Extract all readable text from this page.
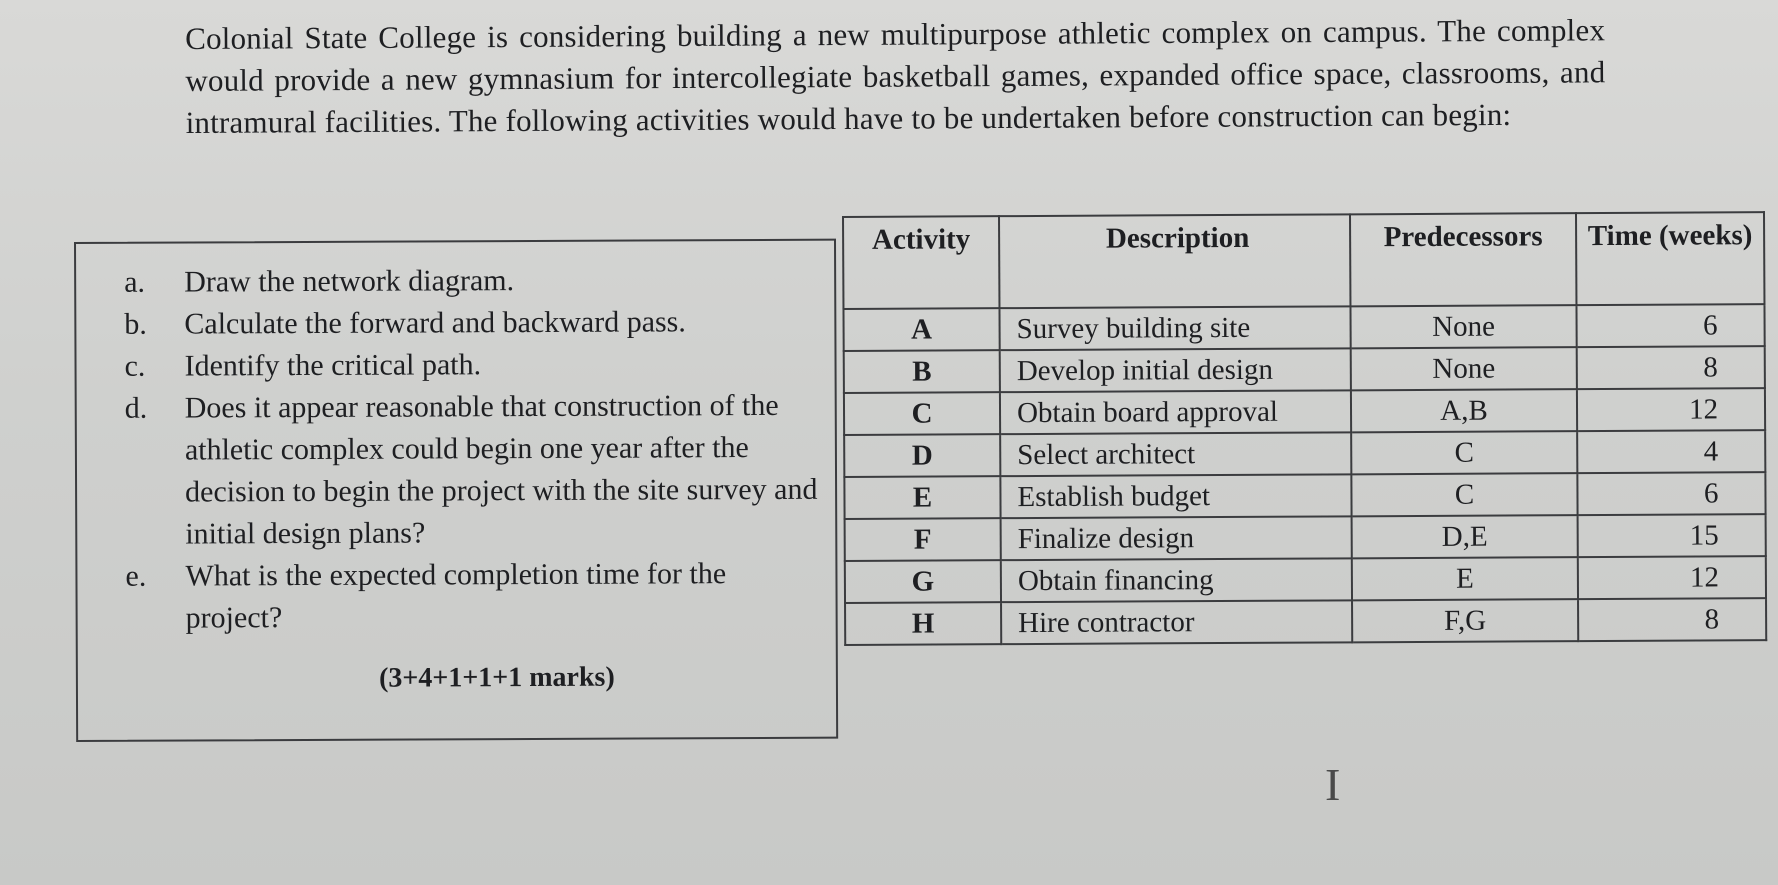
Colonial State College is considering building a new multipurpose athletic complex on campus. The complex would provide a new gymnasium for intercollegiate basketball games, expanded office space, classrooms, and intramural facilities. The following activities would have to be undertaken before construction can begin:
a.	Draw the network diagram.
b.	Calculate the forward and backward pass.
c.	Identify the critical path.
d.	Does it appear reasonable that construction of the athletic complex could begin one year after the decision to begin the project with the site survey and initial design plans?
e.	What is the expected completion time for the project?
(3+4+1+1+1 marks)
Activity	Description	Predecessors	Time (weeks)
A	Survey building site	None	6
B	Develop initial design	None	8
C	Obtain board approval	A,B	12
D	Select architect	C	4
E	Establish budget	C	6
F	Finalize design	D,E	15
G	Obtain financing	E	12
H	Hire contractor	F,G	8
I
